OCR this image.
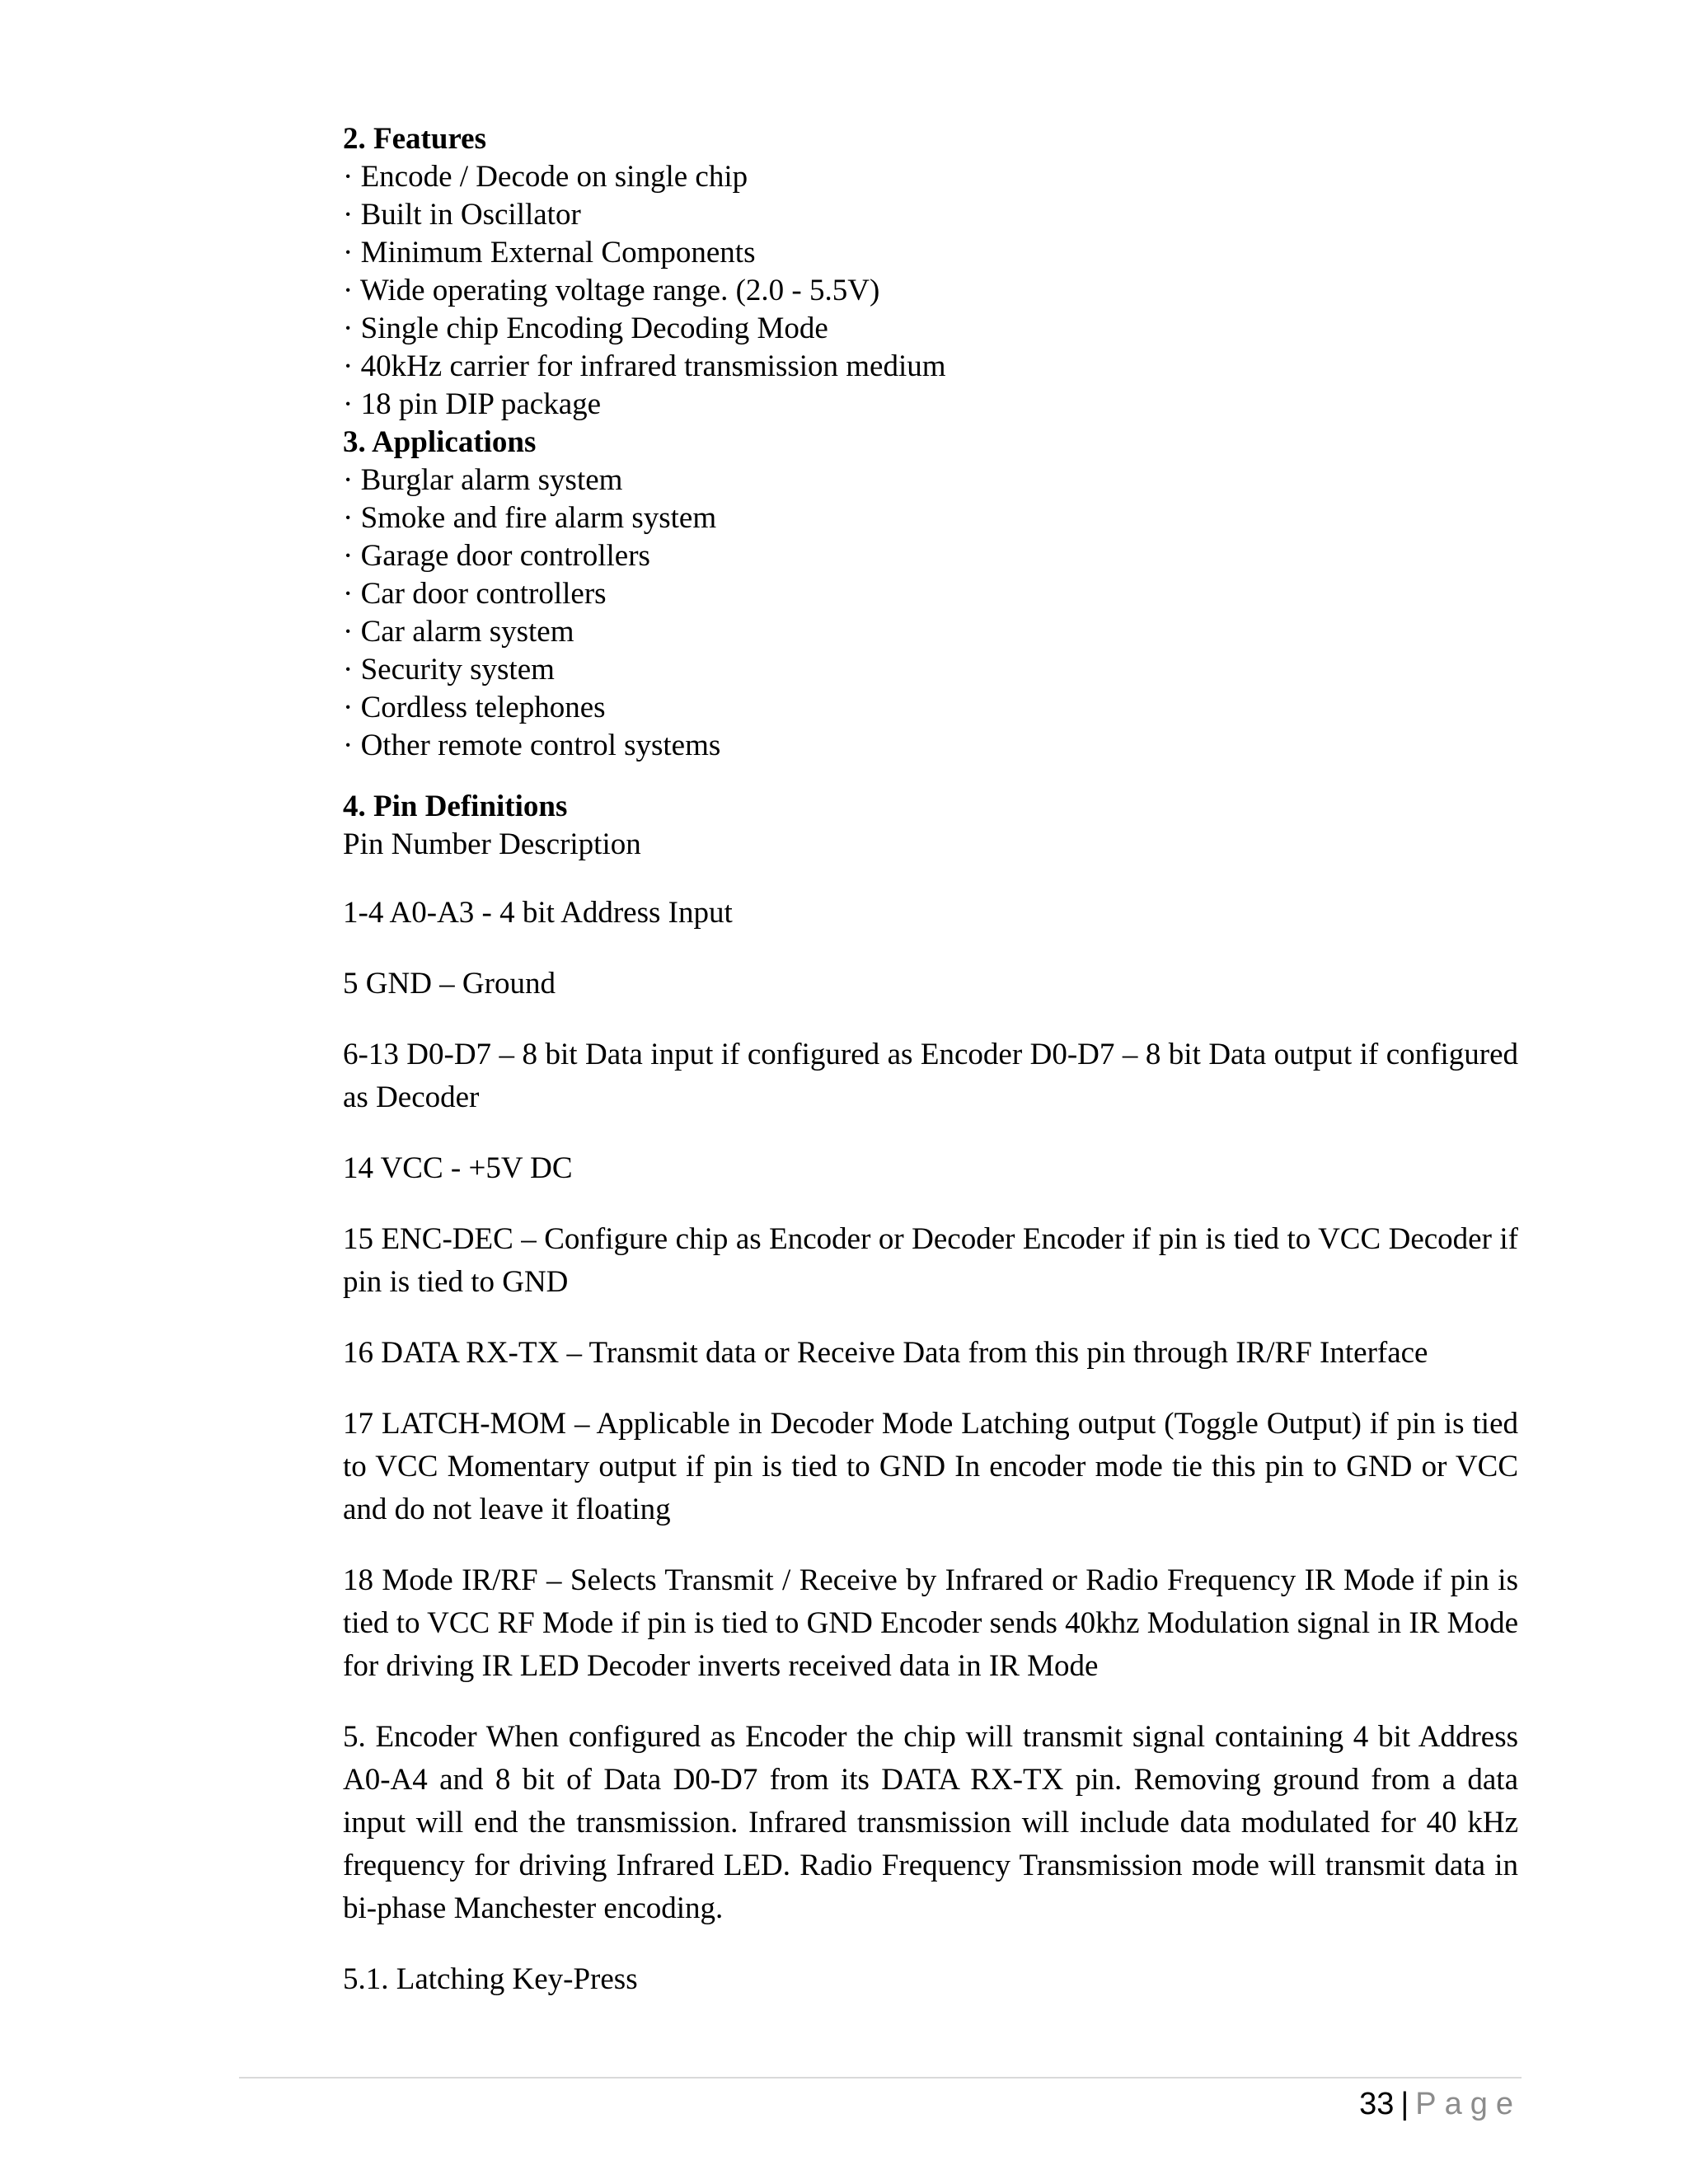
2. Features

· Encode / Decode on single chip

· Built in Oscillator

· Minimum External Components

· Wide operating voltage range. (2.0 - 5.5V)

· Single chip Encoding Decoding Mode

· 40kHz carrier for infrared transmission medium

· 18 pin DIP package

3. Applications

· Burglar alarm system

· Smoke and fire alarm system

· Garage door controllers

· Car door controllers

· Car alarm system

· Security system

· Cordless telephones

· Other remote control systems

4. Pin Definitions

Pin Number Description

1-4 A0-A3 - 4 bit Address Input

5 GND – Ground

6-13 D0-D7 – 8 bit Data input if configured as Encoder D0-D7 – 8 bit Data output if configured as Decoder

14 VCC - +5V DC

15 ENC-DEC – Configure chip as Encoder or Decoder Encoder if pin is tied to VCC Decoder if pin is tied to GND

16 DATA RX-TX – Transmit data or Receive Data from this pin through IR/RF Interface

17 LATCH-MOM – Applicable in Decoder Mode Latching output (Toggle Output) if pin is tied to VCC Momentary output if pin is tied to GND In encoder mode tie this pin to GND or VCC and do not leave it floating

18 Mode IR/RF – Selects Transmit / Receive by Infrared or Radio Frequency IR Mode if pin is tied to VCC RF Mode if pin is tied to GND Encoder sends 40khz Modulation signal in IR Mode for driving IR LED Decoder inverts received data in IR Mode

5. Encoder When configured as Encoder the chip will transmit signal containing 4 bit Address A0-A4 and 8 bit of Data D0-D7 from its DATA RX-TX pin. Removing ground from a data input will end the transmission. Infrared transmission will include data modulated for 40 kHz frequency for driving Infrared LED. Radio Frequency Transmission mode will transmit data in bi-phase Manchester encoding.

5.1. Latching Key-Press

33 | Page
